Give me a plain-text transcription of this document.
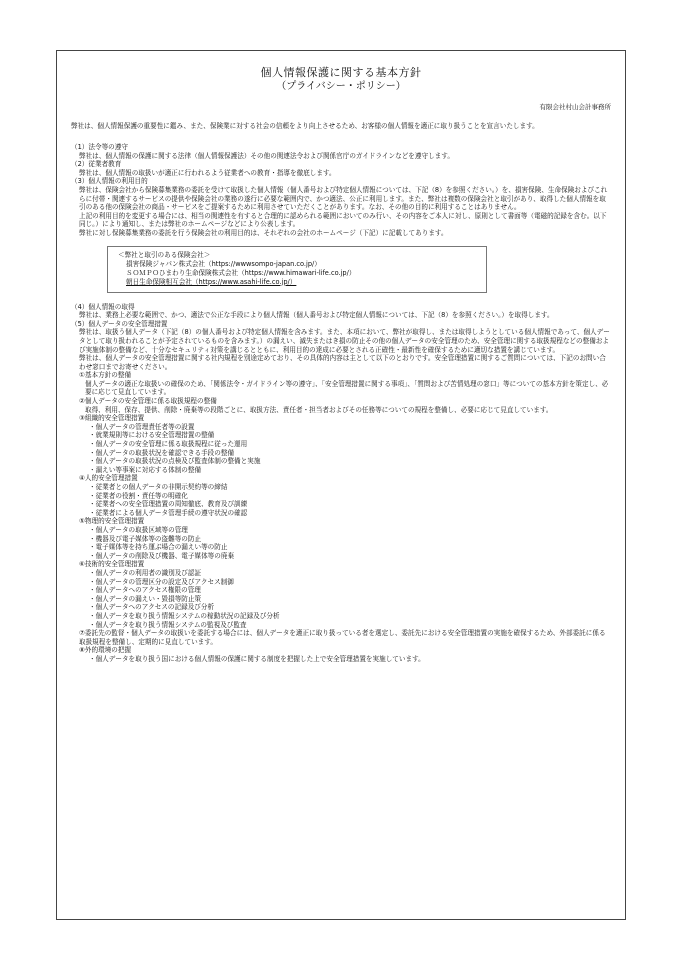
個人情報保護に関する基本方針
（プライバシー・ポリシー）
有限会社村山会計事務所
弊社は、個人情報保護の重要性に鑑み、また、保険業に対する社会の信頼をより向上させるため、お客様の個人情報を適正に取り扱うことを宣言いたします。
（1）法令等の遵守
弊社は、個人情報の保護に関する法律（個人情報保護法）その他の関連法令および関係官庁のガイドラインなどを遵守します。
（2）従業者教育
弊社は、個人情報の取扱いが適正に行われるよう従業者への教育・指導を徹底します。
（3）個人情報の利用目的
弊社は、保険会社から保険募集業務の委託を受けて取扱した個人情報（個人番号および特定個人情報については、下記（8）を参照ください。）を、損害保険、生命保険およびこれらに付帯・関連するサービスの提供や保険会社の業務の遂行に必要な範囲内で、かつ適法、公正に利用します。また、弊社は複数の保険会社と取引があり、取得した個人情報を取引のある他の保険会社の商品・サービスをご提案するために利用させていただくことがあります。なお、その他の目的に利用することはありません。
上記の利用目的を変更する場合には、相当の関連性を有すると合理的に認められる範囲においてのみ行い、その内容をご本人に対し、原則として書面等（電磁的記録を含む。以下同じ。）により通知し、または弊社のホームページなどにより公表します。
弊社に対し保険募集業務の委託を行う保険会社の利用目的は、それぞれの会社のホームページ（下記）に記載してあります。
＜弊社と取引のある保険会社＞
損害保険ジャパン株式会社（https://wwwsompo-japan.co.jp/）
ＳＯＭＰＯひまわり生命保険株式会社（https://www.himawari-life.co.jp/）
朝日生命保険相互会社（https://www.asahi-life.co.jp/）
（4）個人情報の取得
弊社は、業務上必要な範囲で、かつ、適法で公正な手段により個人情報（個人番号および特定個人情報については、下記（8）を参照ください。）を取得します。
（5）個人データの安全管理措置
弊社は、取扱う個人データ（下記（8）の個人番号および特定個人情報を含みます。また、本項において、弊社が取得し、または取得しようとしている個人情報であって、個人データとして取り扱われることが予定されているものを含みます。）の漏えい、滅失またはき損の防止その他の個人データの安全管理のため、安全管理に関する取扱規程などの整備および実施体制の整備など、十分なセキュリティ対策を講じるとともに、利用目的の達成に必要とされる正確性・最新性を確保するために適切な措置を講じています。
弊社は、個人データの安全管理措置に関する社内規程を別途定めており、その具体的内容は主として以下のとおりです。安全管理措置に関するご質問については、下記のお問い合わせ窓口までお寄せください。
①基本方針の整備
個人データの適正な取扱いの確保のため、「関係法令・ガイドライン等の遵守」、「安全管理措置に関する事項」、「質問および苦情処理の窓口」等についての基本方針を策定し、必要に応じて見直しています。
②個人データの安全管理に係る取扱規程の整備
取得、利用、保存、提供、削除・廃棄等の段階ごとに、取扱方法、責任者・担当者およびその任務等についての規程を整備し、必要に応じて見直しています。
③組織的安全管理措置
・個人データの管理責任者等の設置
・就業規則等における安全管理措置の整備
・個人データの安全管理に係る取扱規程に従った運用
・個人データの取扱状況を確認できる手段の整備
・個人データの取扱状況の点検及び監査体制の整備と実施
・漏えい等事案に対応する体制の整備
④人的安全管理措置
・従業者との個人データの非開示契約等の締結
・従業者の役割・責任等の明確化
・従業者への安全管理措置の周知徹底、教育及び訓練
・従業者による個人データ管理手続の遵守状況の確認
⑤物理的安全管理措置
・個人データの取扱区域等の管理
・機器及び電子媒体等の盗難等の防止
・電子媒体等を持ち運ぶ場合の漏えい等の防止
・個人データの削除及び機器、電子媒体等の廃棄
⑥技術的安全管理措置
・個人データの利用者の識別及び認証
・個人データの管理区分の設定及びアクセス制御
・個人データへのアクセス権限の管理
・個人データの漏えい・毀損等防止策
・個人データへのアクセスの記録及び分析
・個人データを取り扱う情報システムの稼動状況の記録及び分析
・個人データを取り扱う情報システムの監視及び監査
⑦委託先の監督・個人データの取扱いを委託する場合には、個人データを適正に取り扱っている者を選定し、委託先における安全管理措置の実施を確保するため、外部委託に係る取扱規程を整備し、定期的に見直しています。
⑧外的環境の把握
・個人データを取り扱う国における個人情報の保護に関する制度を把握した上で安全管理措置を実施しています。
